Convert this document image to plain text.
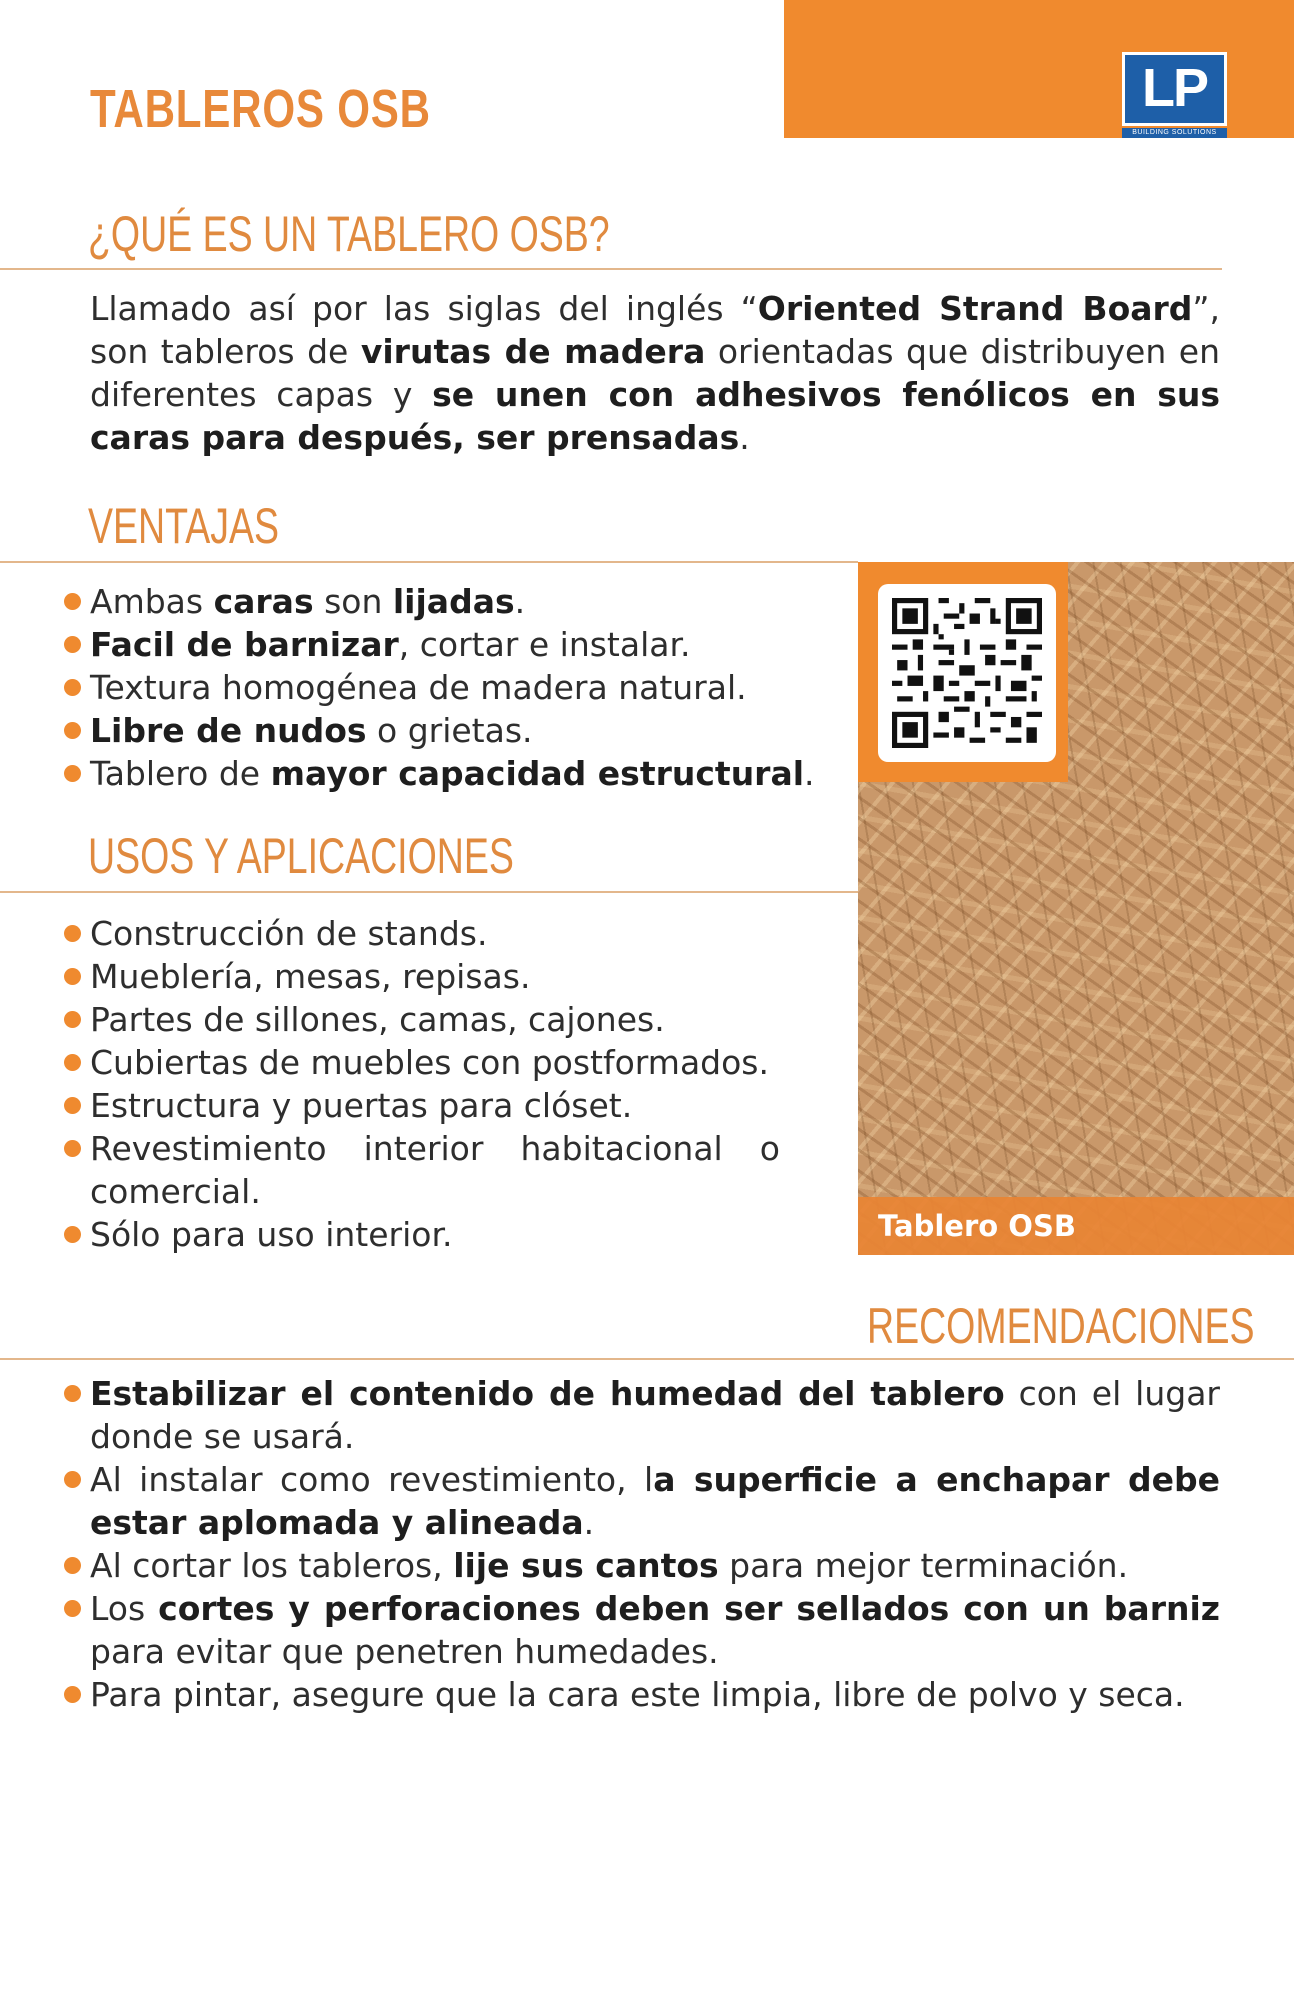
LP
BUILDING SOLUTIONS
TABLEROS OSB
¿QUÉ ES UN TABLERO OSB?
Llamado así por las siglas del inglés “Oriented Strand Board”, son tableros de virutas de madera orientadas que distribuyen en diferentes capas y se unen con adhesivos fenólicos en sus caras para después, ser prensadas.
VENTAJAS
Ambas caras son lijadas.
Facil de barnizar, cortar e instalar.
Textura homogénea de madera natural.
Libre de nudos o grietas.
Tablero de mayor capacidad estructural.
USOS Y APLICACIONES
Construcción de stands.
Mueblería, mesas, repisas.
Partes de sillones, camas, cajones.
Cubiertas de muebles con postformados.
Estructura y puertas para clóset.
Revestimiento interior habitacional o comercial.
Sólo para uso interior.	Tablero OSB
RECOMENDACIONES
Estabilizar el contenido de humedad del tablero con el lugar donde se usará.
Al instalar como revestimiento, la superficie a enchapar debe estar aplomada y alineada.
Al cortar los tableros, lije sus cantos para mejor terminación.
Los cortes y perforaciones deben ser sellados con un barniz para evitar que penetren humedades.
Para pintar, asegure que la cara este limpia, libre de polvo y seca.
